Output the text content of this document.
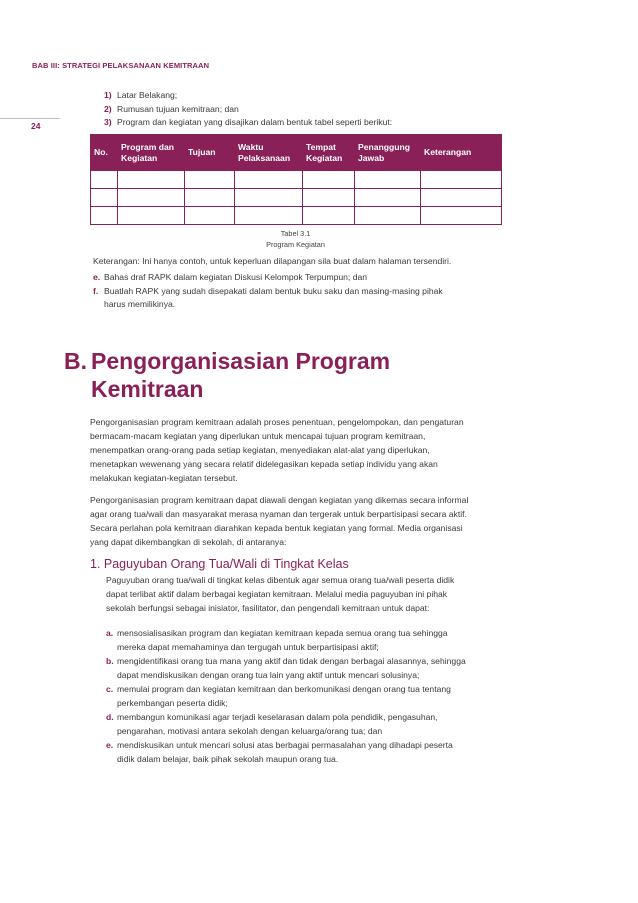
BAB III: STRATEGI PELAKSANAAN KEMITRAAN
24
1) Latar Belakang;
2) Rumusan tujuan kemitraan; dan
3) Program dan kegiatan yang disajikan dalam bentuk tabel seperti berikut:
No.	Program dan Kegiatan	Tujuan	Waktu Pelaksanaan	Tempat Kegiatan	Penanggung Jawab	Keterangan

Tabel 3.1
Program Kegiatan
Keterangan: Ini hanya contoh, untuk keperluan dilapangan sila buat dalam halaman tersendiri.

e. Bahas draf RAPK dalam kegiatan Diskusi Kelompok Terpumpun; dan

f. Buatlah RAPK yang sudah disepakati dalam bentuk buku saku dan masing-masing pihak

harus memilikinya.

B. Pengorganisasian Program
Kemitraan
Pengorganisasian program kemitraan adalah proses penentuan, pengelompokan, dan pengaturan
bermacam-macam kegiatan yang diperlukan untuk mencapai tujuan program kemitraan,
menempatkan orang-orang pada setiap kegiatan, menyediakan alat-alat yang diperlukan,
menetapkan wewenang yang secara relatif didelegasikan kepada setiap individu yang akan
melakukan kegiatan-kegiatan tersebut.
Pengorganisasian program kemitraan dapat diawali dengan kegiatan yang dikemas secara informal
agar orang tua/wali dan masyarakat merasa nyaman dan tergerak untuk berpartisipasi secara aktif.
Secara perlahan pola kemitraan diarahkan kepada bentuk kegiatan yang formal. Media organisasi
yang dapat dikembangkan di sekolah, di antaranya:
1. Paguyuban Orang Tua/Wali di Tingkat Kelas
Paguyuban orang tua/wali di tingkat kelas dibentuk agar semua orang tua/wali peserta didik
dapat terlibat aktif dalam berbagai kegiatan kemitraan. Melalui media paguyuban ini pihak
sekolah berfungsi sebagai inisiator, fasilitator, dan pengendali kemitraan untuk dapat:

a. mensosialisasikan program dan kegiatan kemitraan kepada semua orang tua sehingga

mereka dapat memahaminya dan tergugah untuk berpartisipasi aktif;

b. mengidentifikasi orang tua mana yang aktif dan tidak dengan berbagai alasannya, sehingga

dapat mendiskusikan dengan orang tua lain yang aktif untuk mencari solusinya;

c. memulai program dan kegiatan kemitraan dan berkomunikasi dengan orang tua tentang

perkembangan peserta didik;

d. membangun komunikasi agar terjadi keselarasan dalam pola pendidik, pengasuhan,

pengarahan, motivasi antara sekolah dengan keluarga/orang tua; dan

e. mendiskusikan untuk mencari solusi atas berbagai permasalahan yang dihadapi peserta

didik dalam belajar, baik pihak sekolah maupun orang tua.
